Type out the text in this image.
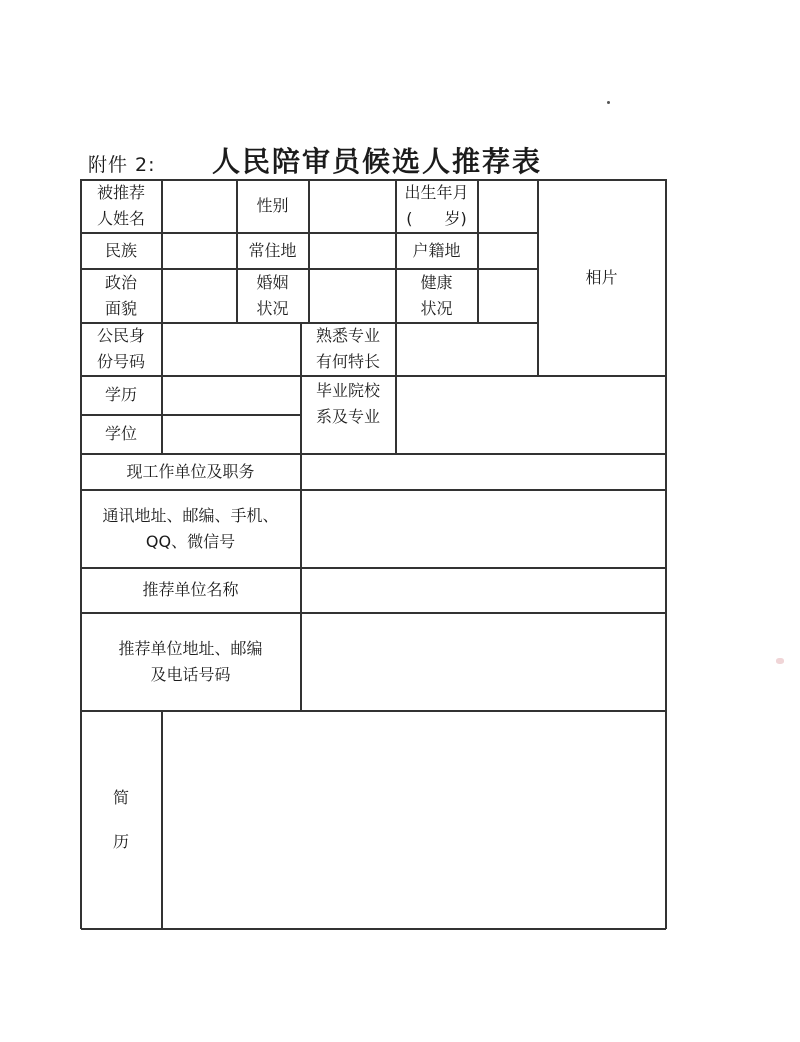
附件 2: 人民陪审员候选人推荐表
被推荐
人姓名
性别
出生年月
(　　岁)
相片
民族	常住地	户籍地
政治
面貌
婚姻
状况
健康
状况
公民身
份号码
熟悉专业
有何特长
学历
学位
毕业院校
系及专业
现工作单位及职务
通讯地址、邮编、手机、
QQ、微信号
推荐单位名称
推荐单位地址、邮编
及电话号码
简
历
